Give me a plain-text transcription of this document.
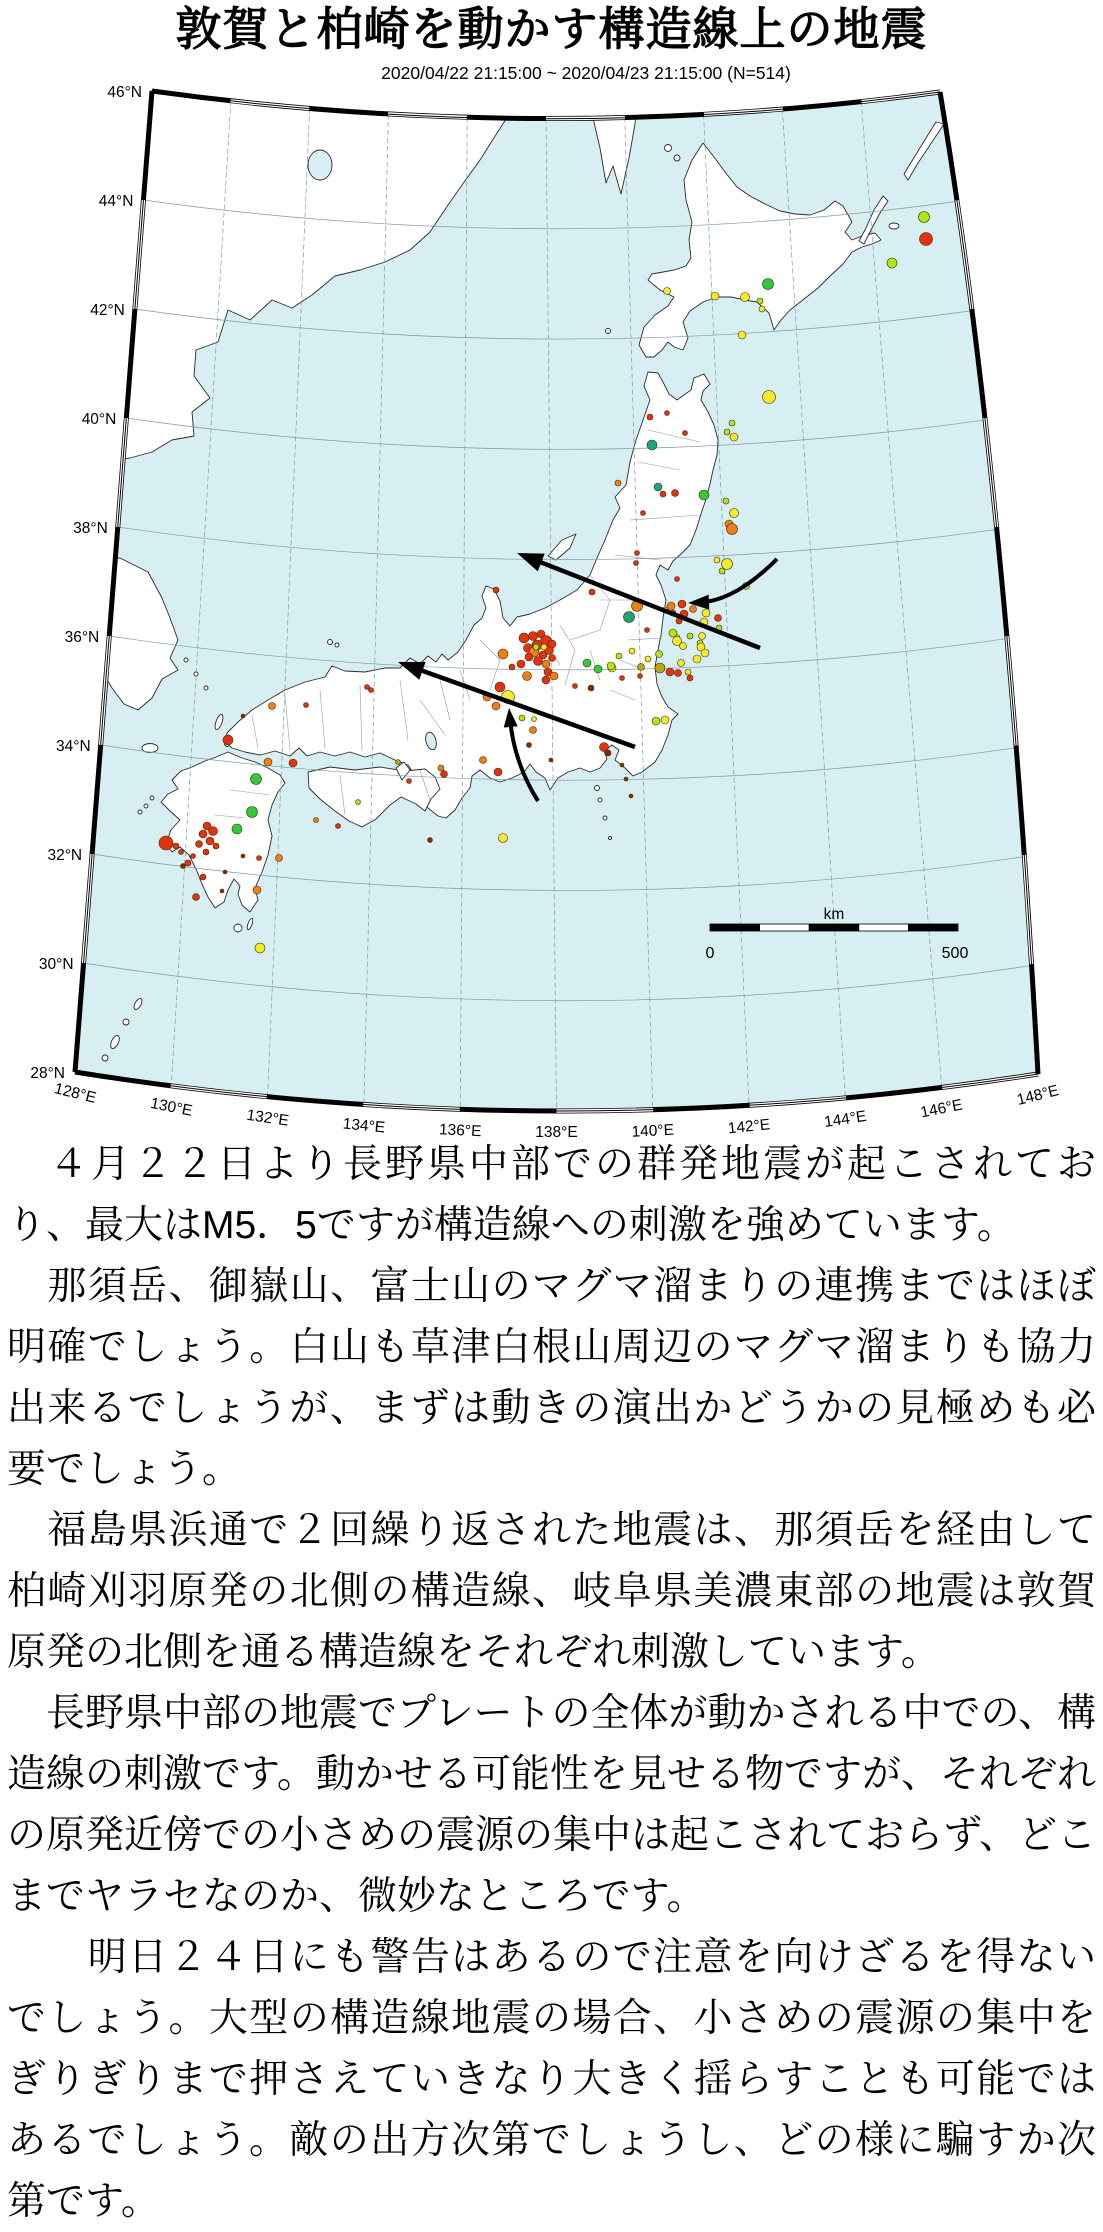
敦賀と柏崎を動かす構造線上の地震
2020/04/22 21:15:00 ~ 2020/04/23 21:15:00 (N=514)
km
0	500
46°N
44°N
42°N
40°N
38°N
36°N
34°N
32°N
30°N
28°N
128°E
130°E	132°E	134°E	136°E	138°E	140°E	142°E	144°E	146°E
148°E

　４月２２日より長野県中部での群発地震が起こされており、最大はM5．5ですが構造線への刺激を強めています。

　那須岳、御嶽山、富士山のマグマ溜まりの連携まではほぼ明確でしょう。白山も草津白根山周辺のマグマ溜まりも協力出来るでしょうが、まずは動きの演出かどうかの見極めも必要でしょう。

　福島県浜通で２回繰り返された地震は、那須岳を経由して柏崎刈羽原発の北側の構造線、岐阜県美濃東部の地震は敦賀原発の北側を通る構造線をそれぞれ刺激しています。

　長野県中部の地震でプレートの全体が動かされる中での、構造線の刺激です。動かせる可能性を見せる物ですが、それぞれの原発近傍での小さめの震源の集中は起こされておらず、どこまでヤラセなのか、微妙なところです。

　　明日２４日にも警告はあるので注意を向けざるを得ないでしょう。大型の構造線地震の場合、小さめの震源の集中をぎりぎりまで押さえていきなり大きく揺らすことも可能ではあるでしょう。敵の出方次第でしょうし、どの様に騙すか次第です。
